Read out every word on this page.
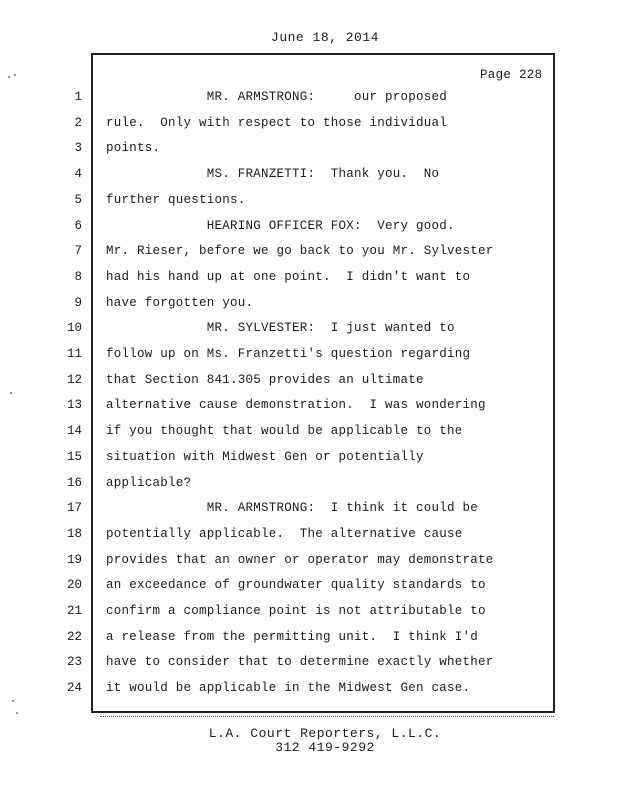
June 18, 2014
Page 228
1 MR. ARMSTRONG:     our proposed
2 rule.  Only with respect to those individual
3 points.
4 MS. FRANZETTI:  Thank you.  No
5 further questions.
6 HEARING OFFICER FOX:  Very good.
7 Mr. Rieser, before we go back to you Mr. Sylvester
8 had his hand up at one point.  I didn't want to
9 have forgotten you.
10 MR. SYLVESTER:  I just wanted to
11 follow up on Ms. Franzetti's question regarding
12 that Section 841.305 provides an ultimate
13 alternative cause demonstration.  I was wondering
14 if you thought that would be applicable to the
15 situation with Midwest Gen or potentially
16 applicable?
17 MR. ARMSTRONG:  I think it could be
18 potentially applicable.  The alternative cause
19 provides that an owner or operator may demonstrate
20 an exceedance of groundwater quality standards to
21 confirm a compliance point is not attributable to
22 a release from the permitting unit.  I think I'd
23 have to consider that to determine exactly whether
24 it would be applicable in the Midwest Gen case.
L.A. Court Reporters, L.L.C.
312 419-9292
